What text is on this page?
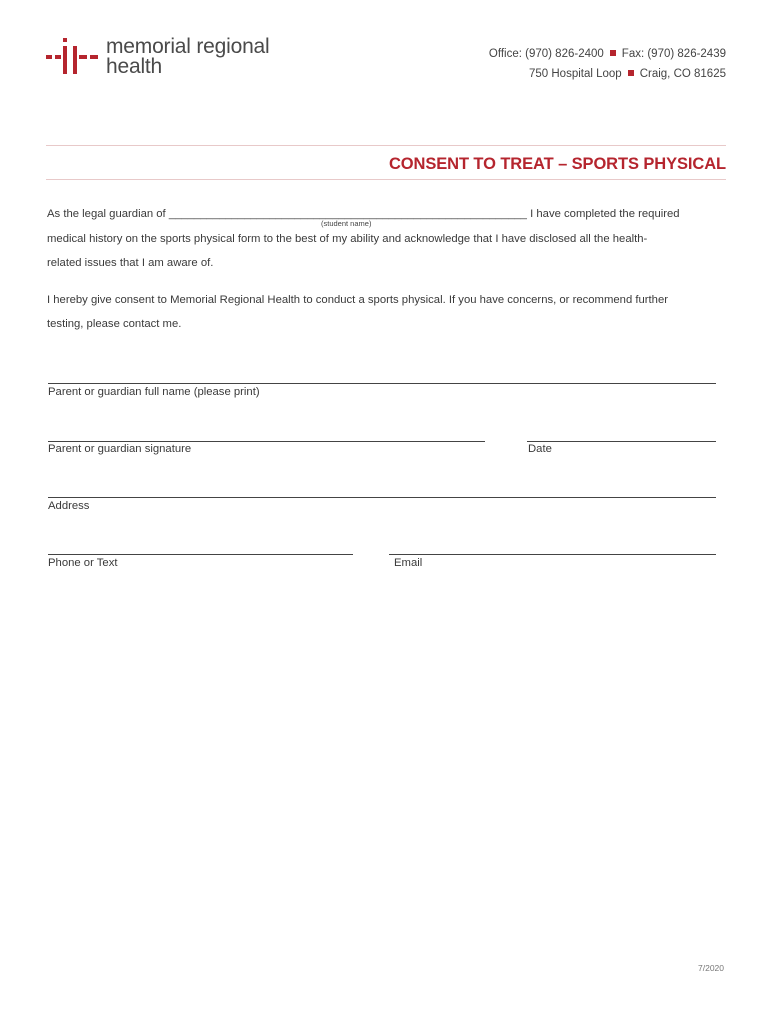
memorial regional
health
Office: (970) 826-2400 Fax: (970) 826-2439
750 Hospital Loop Craig, CO 81625
CONSENT TO TREAT – SPORTS PHYSICAL
As the legal guardian of _________________________________________________________ I have completed the required
(student name)
medical history on the sports physical form to the best of my ability and acknowledge that I have disclosed all the health-
related issues that I am aware of.
I hereby give consent to Memorial Regional Health to conduct a sports physical. If you have concerns, or recommend further
testing, please contact me.
Parent or guardian full name (please print)
Parent or guardian signature	Date
Address
Phone or Text	Email
7/2020
